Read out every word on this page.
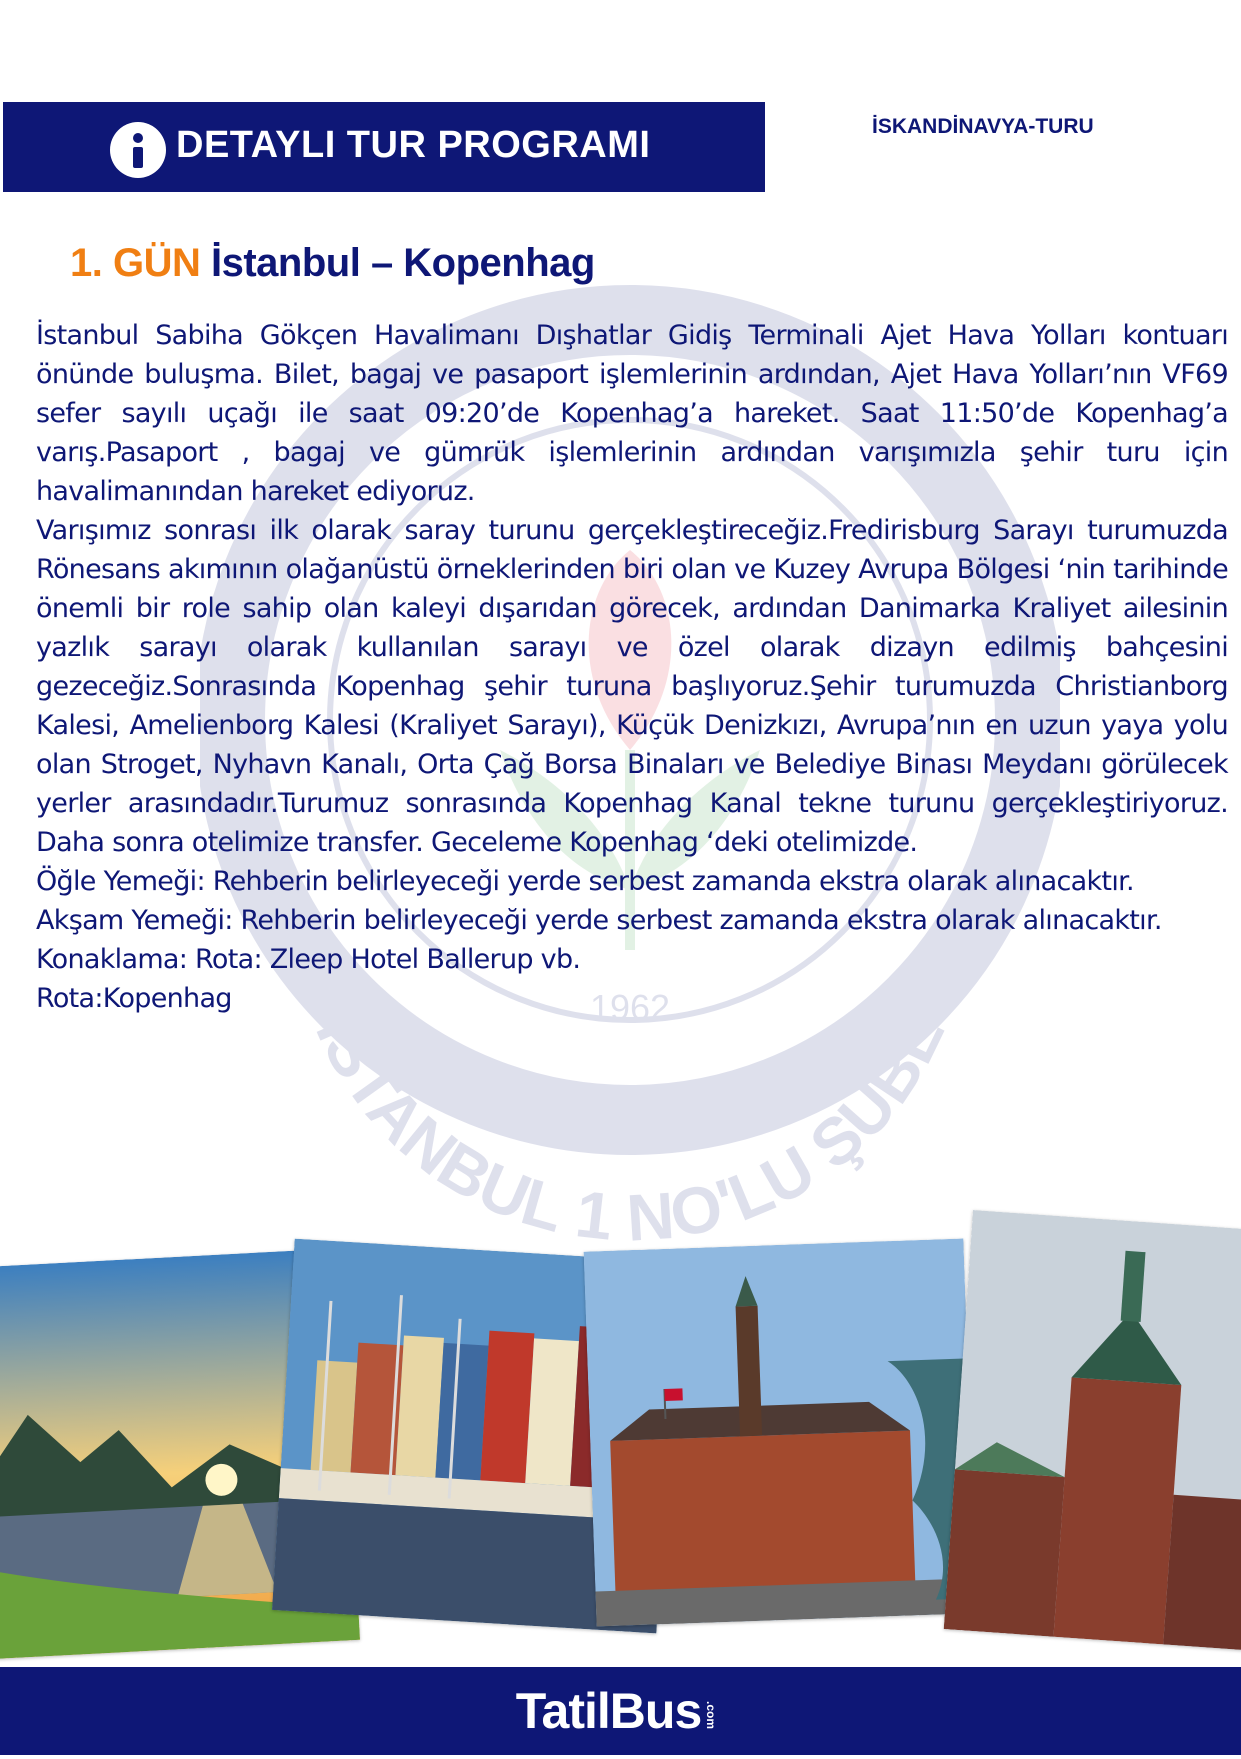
1962
İSTANBUL 1 NO'LU ŞUBE
DETAYLI TUR PROGRAMI	İSKANDİNAVYA-TURU
1. GÜN İstanbul – Kopenhag

İstanbul Sabiha Gökçen Havalimanı Dışhatlar Gidiş Terminali Ajet Hava Yolları kontuarı önünde buluşma. Bilet, bagaj ve pasaport işlemlerinin ardından, Ajet Hava Yolları’nın VF69 sefer sayılı uçağı ile saat 09:20’de Kopenhag’a hareket. Saat 11:50’de Kopenhag’a varış.Pasaport , bagaj ve gümrük işlemlerinin ardından varışımızla şehir turu için havalimanından hareket ediyoruz.

Varışımız sonrası ilk olarak saray turunu gerçekleştireceğiz.Fredirisburg Sarayı turumuzda Rönesans akımının olağanüstü örneklerinden biri olan ve Kuzey Avrupa Bölgesi ‘nin tarihinde önemli bir role sahip olan kaleyi dışarıdan görecek, ardından Danimarka Kraliyet ailesinin yazlık sarayı olarak kullanılan sarayı ve özel olarak dizayn edilmiş bahçesini gezeceğiz.Sonrasında Kopenhag şehir turuna başlıyoruz.Şehir turumuzda Christianborg Kalesi, Amelienborg Kalesi (Kraliyet Sarayı), Küçük Denizkızı, Avrupa’nın en uzun yaya yolu olan Stroget, Nyhavn Kanalı, Orta Çağ Borsa Binaları ve Belediye Binası Meydanı görülecek yerler arasındadır.Turumuz sonrasında Kopenhag Kanal tekne turunu gerçekleştiriyoruz. Daha sonra otelimize transfer. Geceleme Kopenhag ‘deki otelimizde.

Öğle Yemeği: Rehberin belirleyeceği yerde serbest zamanda ekstra olarak alınacaktır.

Akşam Yemeği: Rehberin belirleyeceği yerde serbest zamanda ekstra olarak alınacaktır.

Konaklama: Rota: Zleep Hotel Ballerup vb.

Rota:Kopenhag

TatilBus .com
